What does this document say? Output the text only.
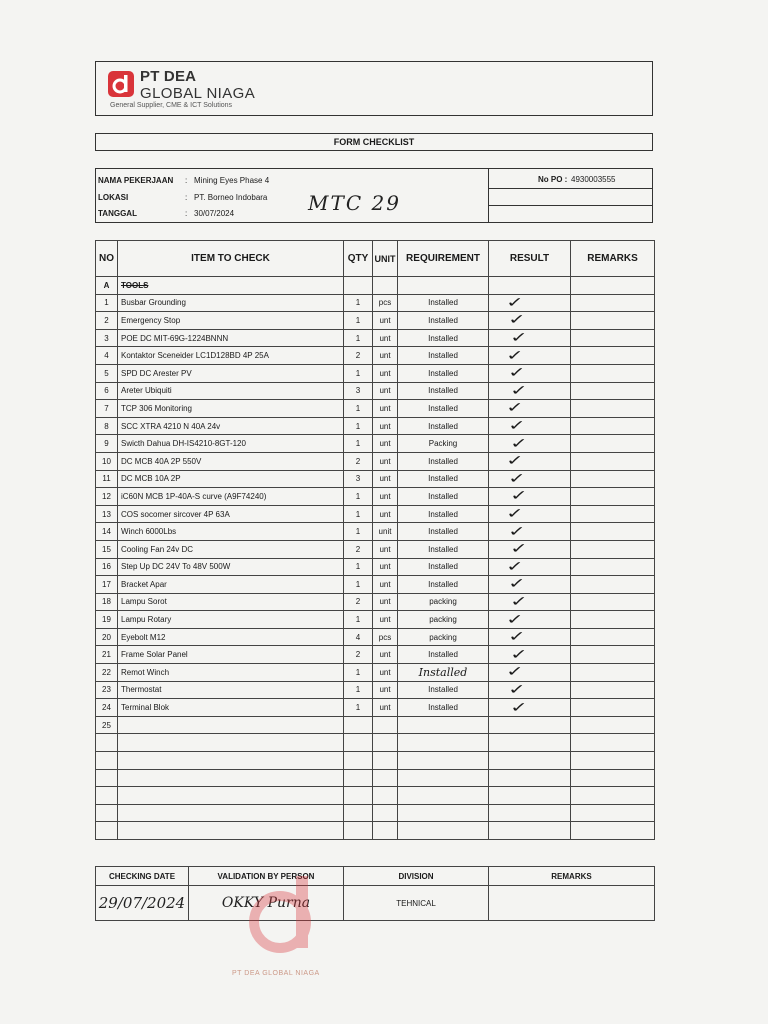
PT DEA
GLOBAL NIAGA
General Supplier, CME & ICT Solutions
FORM CHECKLIST
NAMA PEKERJAAN : Mining Eyes Phase 4
LOKASI	: PT. Borneo Indobara
TANGGAL	: 30/07/2024	MTC 29
No PO : 4930003555
NO	ITEM TO CHECK	QTY	UNIT	REQUIREMENT	RESULT	REMARKS
A	TOOLS					
1	Busbar Grounding	1	pcs	Installed	✓	
2	Emergency Stop	1	unt	Installed	✓	
3	POE DC MIT-69G-1224BNNN	1	unt	Installed	✓	
4	Kontaktor Sceneider LC1D128BD 4P 25A	2	unt	Installed	✓	
5	SPD DC Arester PV	1	unt	Installed	✓	
6	Areter Ubiquiti	3	unt	Installed	✓	
7	TCP 306 Monitoring	1	unt	Installed	✓	
8	SCC XTRA 4210 N 40A 24v	1	unt	Installed	✓	
9	Swicth Dahua DH-IS4210-8GT-120	1	unt	Packing	✓	
10	DC MCB 40A 2P 550V	2	unt	Installed	✓	
11	DC MCB 10A 2P	3	unt	Installed	✓	
12	iC60N MCB 1P-40A-S curve (A9F74240)	1	unt	Installed	✓	
13	COS socomer sircover 4P 63A	1	unt	Installed	✓	
14	Winch 6000Lbs	1	unit	Installed	✓	
15	Cooling Fan 24v DC	2	unt	Installed	✓	
16	Step Up DC 24V To 48V 500W	1	unt	Installed	✓	
17	Bracket Apar	1	unt	Installed	✓	
18	Lampu Sorot	2	unt	packing	✓	
19	Lampu Rotary	1	unt	packing	✓	
20	Eyebolt M12	4	pcs	packing	✓	
21	Frame Solar Panel	2	unt	Installed	✓	
22	Remot Winch	1	unt	Installed	✓	
23	Thermostat	1	unt	Installed	✓	
24	Terminal Blok	1	unt	Installed	✓	
25						

CHECKING DATE	VALIDATION BY PERSON	DIVISION	REMARKS
29/07/2024	OKKY Purna	TEHNICAL	
PT DEA GLOBAL NIAGA
